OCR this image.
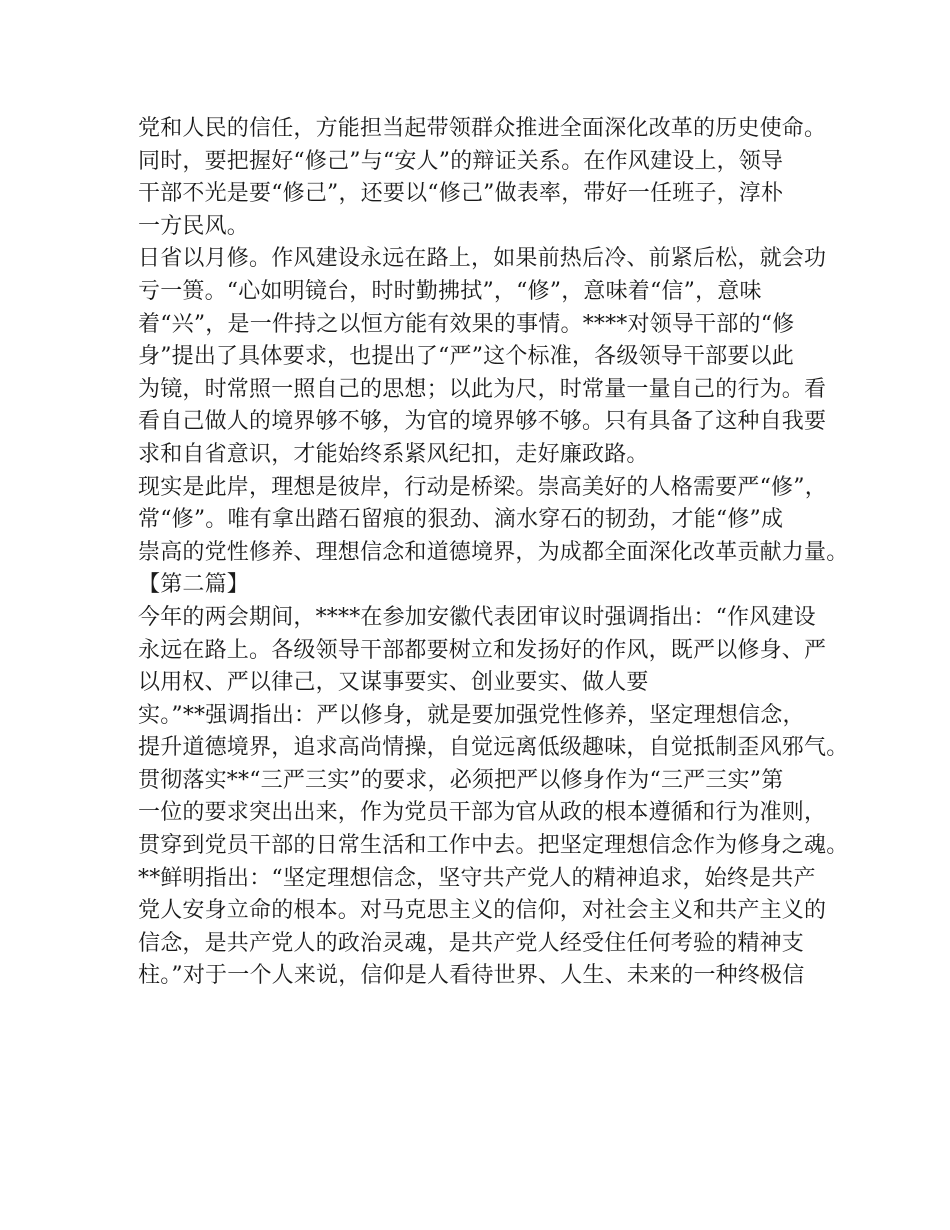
党和人民的信任，方能担当起带领群众推进全面深化改革的历史使命。
同时，要把握好“修己”与“安人”的辩证关系。在作风建设上，领导
干部不光是要“修己”，还要以“修己”做表率，带好一任班子，淳朴
一方民风。
日省以月修。作风建设永远在路上，如果前热后冷、前紧后松，就会功
亏一篑。“心如明镜台，时时勤拂拭”，“修”，意味着“信”，意味
着“兴”，是一件持之以恒方能有效果的事情。****对领导干部的“修
身”提出了具体要求，也提出了“严”这个标准，各级领导干部要以此
为镜，时常照一照自己的思想；以此为尺，时常量一量自己的行为。看
看自己做人的境界够不够，为官的境界够不够。只有具备了这种自我要
求和自省意识，才能始终系紧风纪扣，走好廉政路。
现实是此岸，理想是彼岸，行动是桥梁。崇高美好的人格需要严“修”，
常“修”。唯有拿出踏石留痕的狠劲、滴水穿石的韧劲，才能“修”成
崇高的党性修养、理想信念和道德境界，为成都全面深化改革贡献力量。
【第二篇】
今年的两会期间，****在参加安徽代表团审议时强调指出：“作风建设
永远在路上。各级领导干部都要树立和发扬好的作风，既严以修身、严
以用权、严以律己，又谋事要实、创业要实、做人要
实。”**强调指出：严以修身，就是要加强党性修养，坚定理想信念，
提升道德境界，追求高尚情操，自觉远离低级趣味，自觉抵制歪风邪气。
贯彻落实**“三严三实”的要求，必须把严以修身作为“三严三实”第
一位的要求突出出来，作为党员干部为官从政的根本遵循和行为准则，
贯穿到党员干部的日常生活和工作中去。把坚定理想信念作为修身之魂。
**鲜明指出：“坚定理想信念，坚守共产党人的精神追求，始终是共产
党人安身立命的根本。对马克思主义的信仰，对社会主义和共产主义的
信念，是共产党人的政治灵魂，是共产党人经受住任何考验的精神支
柱。”对于一个人来说，信仰是人看待世界、人生、未来的一种终极信
